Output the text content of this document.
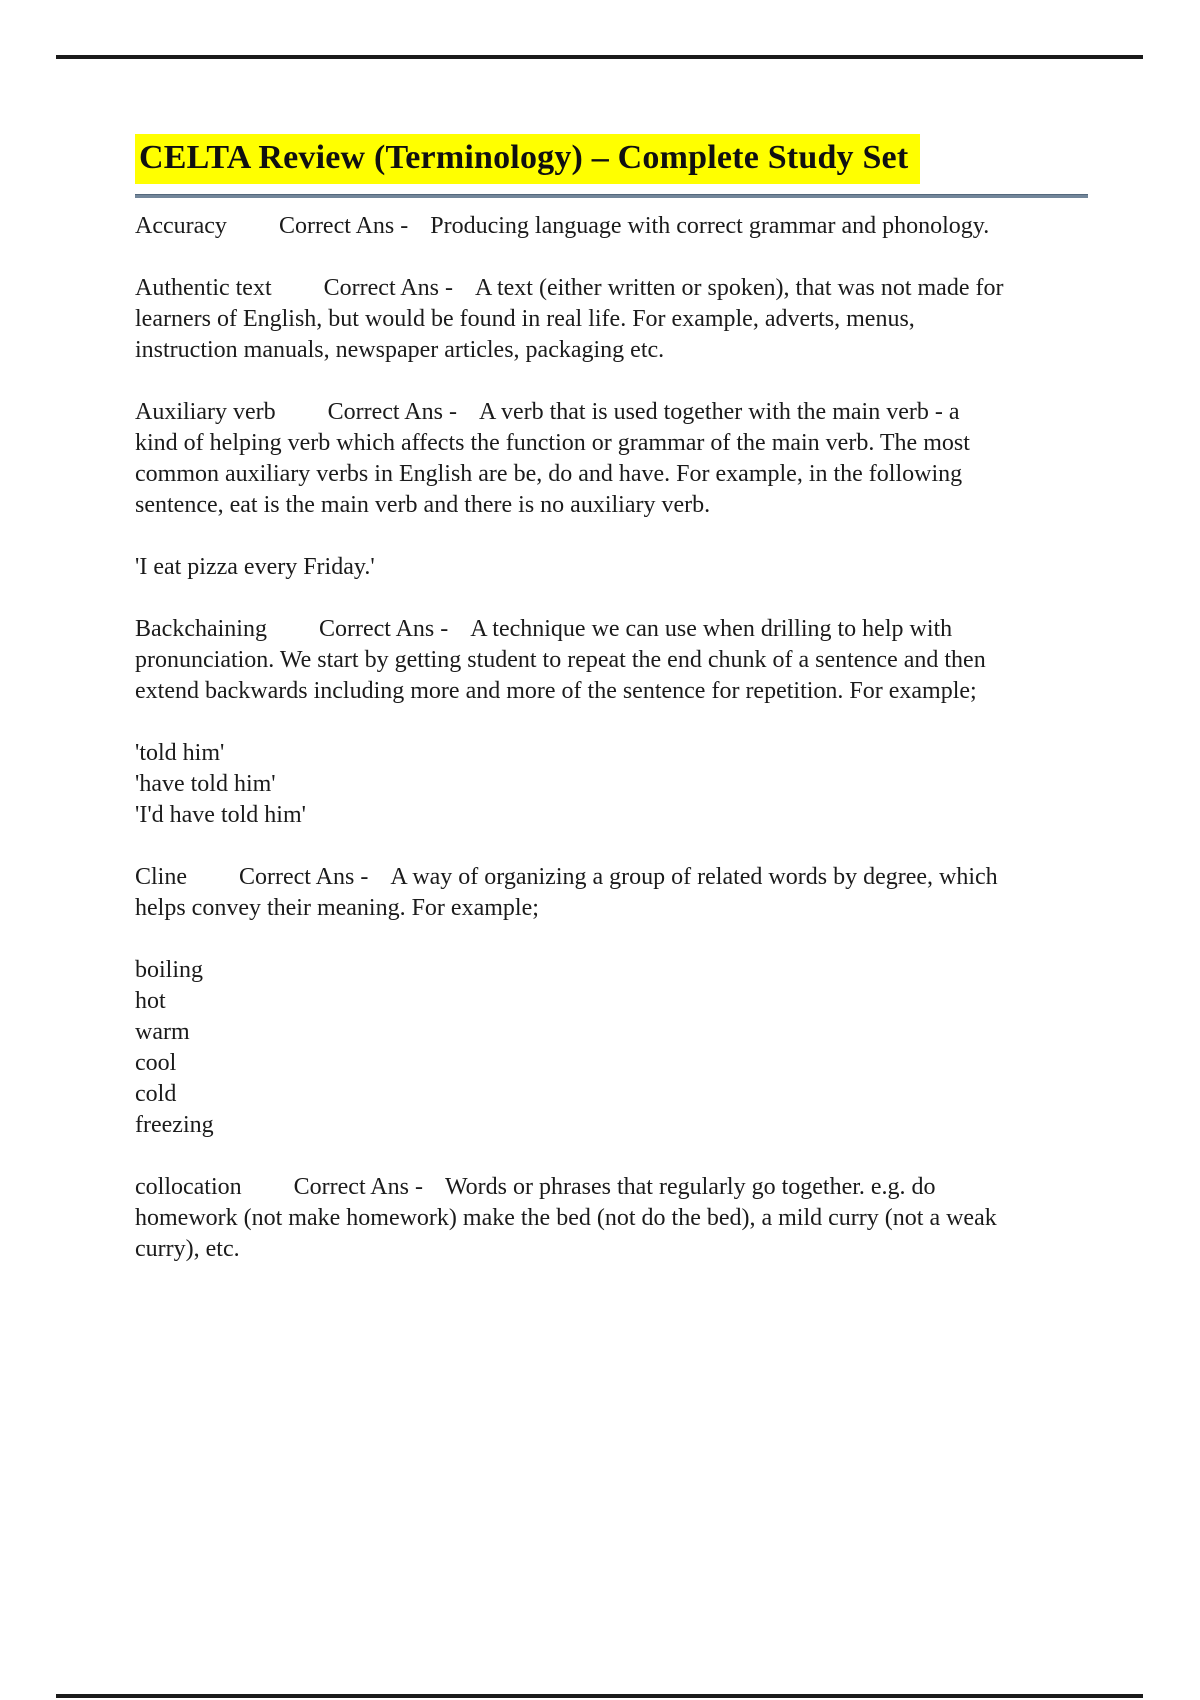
CELTA Review (Terminology) – Complete Study Set

Accuracy Correct Ans - Producing language with correct grammar and phonology.

Authentic text Correct Ans - A text (either written or spoken), that was not made for learners of English, but would be found in real life. For example, adverts, menus, instruction manuals, newspaper articles, packaging etc.

Auxiliary verb Correct Ans - A verb that is used together with the main verb - a kind of helping verb which affects the function or grammar of the main verb. The most common auxiliary verbs in English are be, do and have. For example, in the following sentence, eat is the main verb and there is no auxiliary verb.

'I eat pizza every Friday.'

Backchaining Correct Ans - A technique we can use when drilling to help with pronunciation. We start by getting student to repeat the end chunk of a sentence and then extend backwards including more and more of the sentence for repetition. For example;

'told him'
'have told him'
'I'd have told him'

Cline Correct Ans - A way of organizing a group of related words by degree, which helps convey their meaning. For example;

boiling
hot
warm
cool
cold
freezing

collocation Correct Ans - Words or phrases that regularly go together. e.g. do homework (not make homework) make the bed (not do the bed), a mild curry (not a weak curry), etc.
